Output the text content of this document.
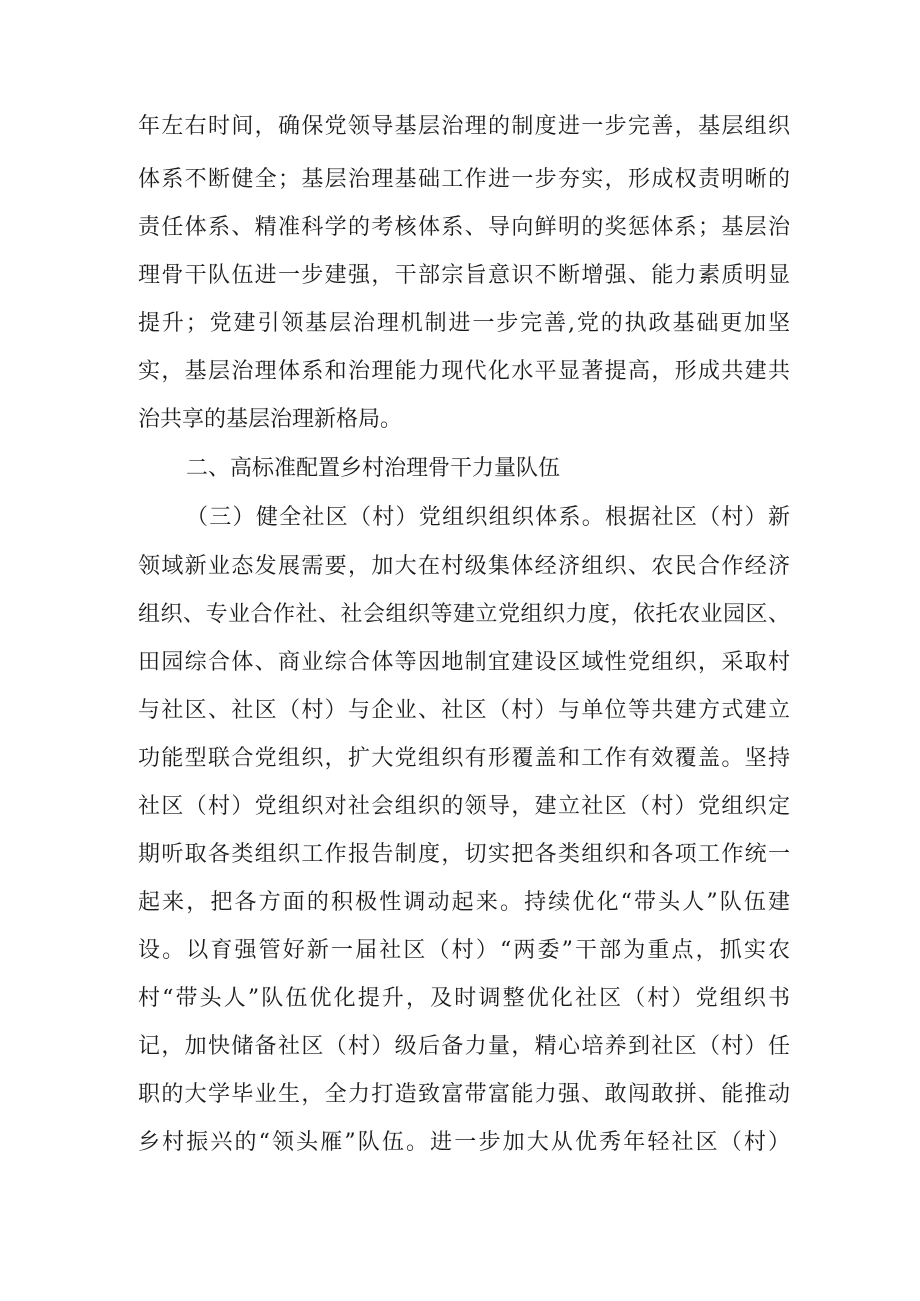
年左右时间，确保党领导基层治理的制度进一步完善，基层组织
体系不断健全；基层治理基础工作进一步夯实，形成权责明晰的
责任体系、精准科学的考核体系、导向鲜明的奖惩体系；基层治
理骨干队伍进一步建强，干部宗旨意识不断增强、能力素质明显
提升；党建引领基层治理机制进一步完善,党的执政基础更加坚
实，基层治理体系和治理能力现代化水平显著提高，形成共建共
治共享的基层治理新格局。
二、高标准配置乡村治理骨干力量队伍
（三）健全社区（村）党组织组织体系。根据社区（村）新
领域新业态发展需要，加大在村级集体经济组织、农民合作经济
组织、专业合作社、社会组织等建立党组织力度，依托农业园区、
田园综合体、商业综合体等因地制宜建设区域性党组织，采取村
与社区、社区（村）与企业、社区（村）与单位等共建方式建立
功能型联合党组织，扩大党组织有形覆盖和工作有效覆盖。坚持
社区（村）党组织对社会组织的领导，建立社区（村）党组织定
期听取各类组织工作报告制度，切实把各类组织和各项工作统一
起来，把各方面的积极性调动起来。持续优化“带头人”队伍建
设。以育强管好新一届社区（村）“两委”干部为重点，抓实农
村“带头人”队伍优化提升，及时调整优化社区（村）党组织书
记，加快储备社区（村）级后备力量，精心培养到社区（村）任
职的大学毕业生，全力打造致富带富能力强、敢闯敢拼、能推动
乡村振兴的“领头雁”队伍。进一步加大从优秀年轻社区（村）
